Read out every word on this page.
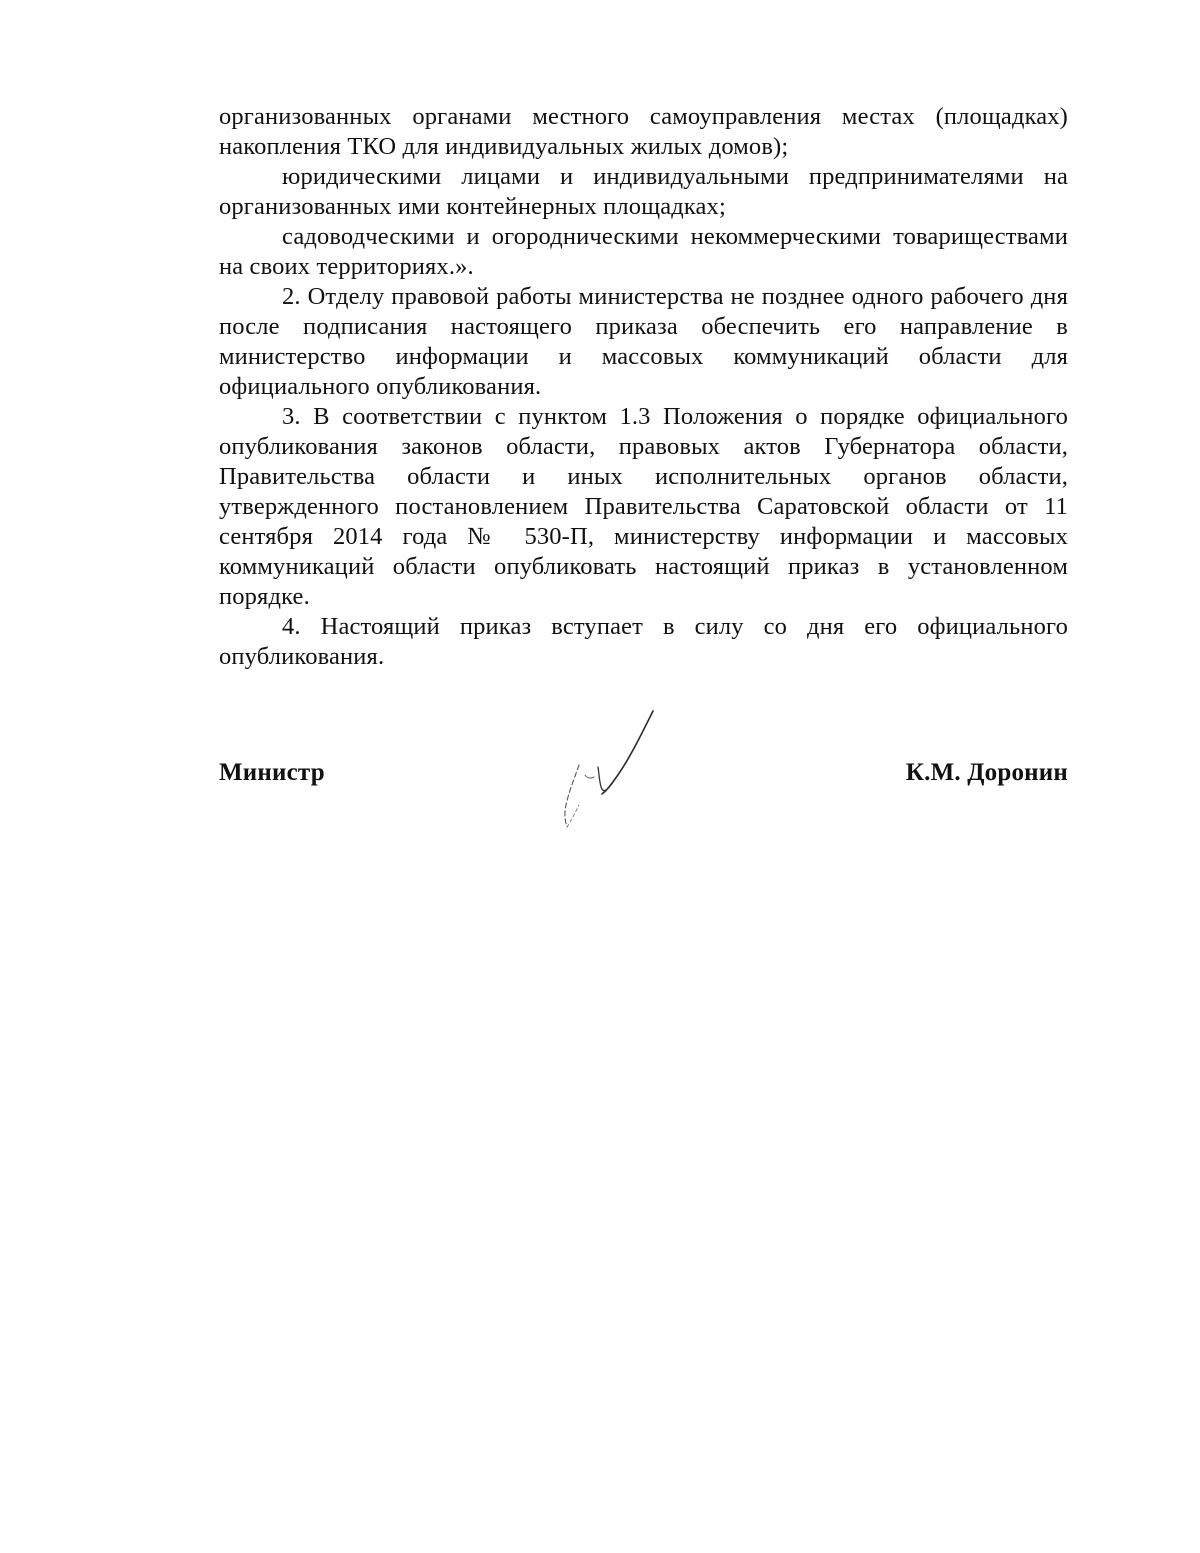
организованных органами местного самоуправления местах (площадках) накопления ТКО для индивидуальных жилых домов);

юридическими лицами и индивидуальными предпринимателями на организованных ими контейнерных площадках;

садоводческими и огородническими некоммерческими товариществами на своих территориях.».

2. Отделу правовой работы министерства не позднее одного рабочего дня после подписания настоящего приказа обеспечить его направление в министерство информации и массовых коммуникаций области для официального опубликования.

3. В соответствии с пунктом 1.3 Положения о порядке официального опубликования законов области, правовых актов Губернатора области, Правительства области и иных исполнительных органов области, утвержденного постановлением Правительства Саратовской области от 11 сентября 2014 года № 530-П, министерству информации и массовых коммуникаций области опубликовать настоящий приказ в установленном порядке.

4. Настоящий приказ вступает в силу со дня его официального опубликования.

Министр	К.М. Доронин
